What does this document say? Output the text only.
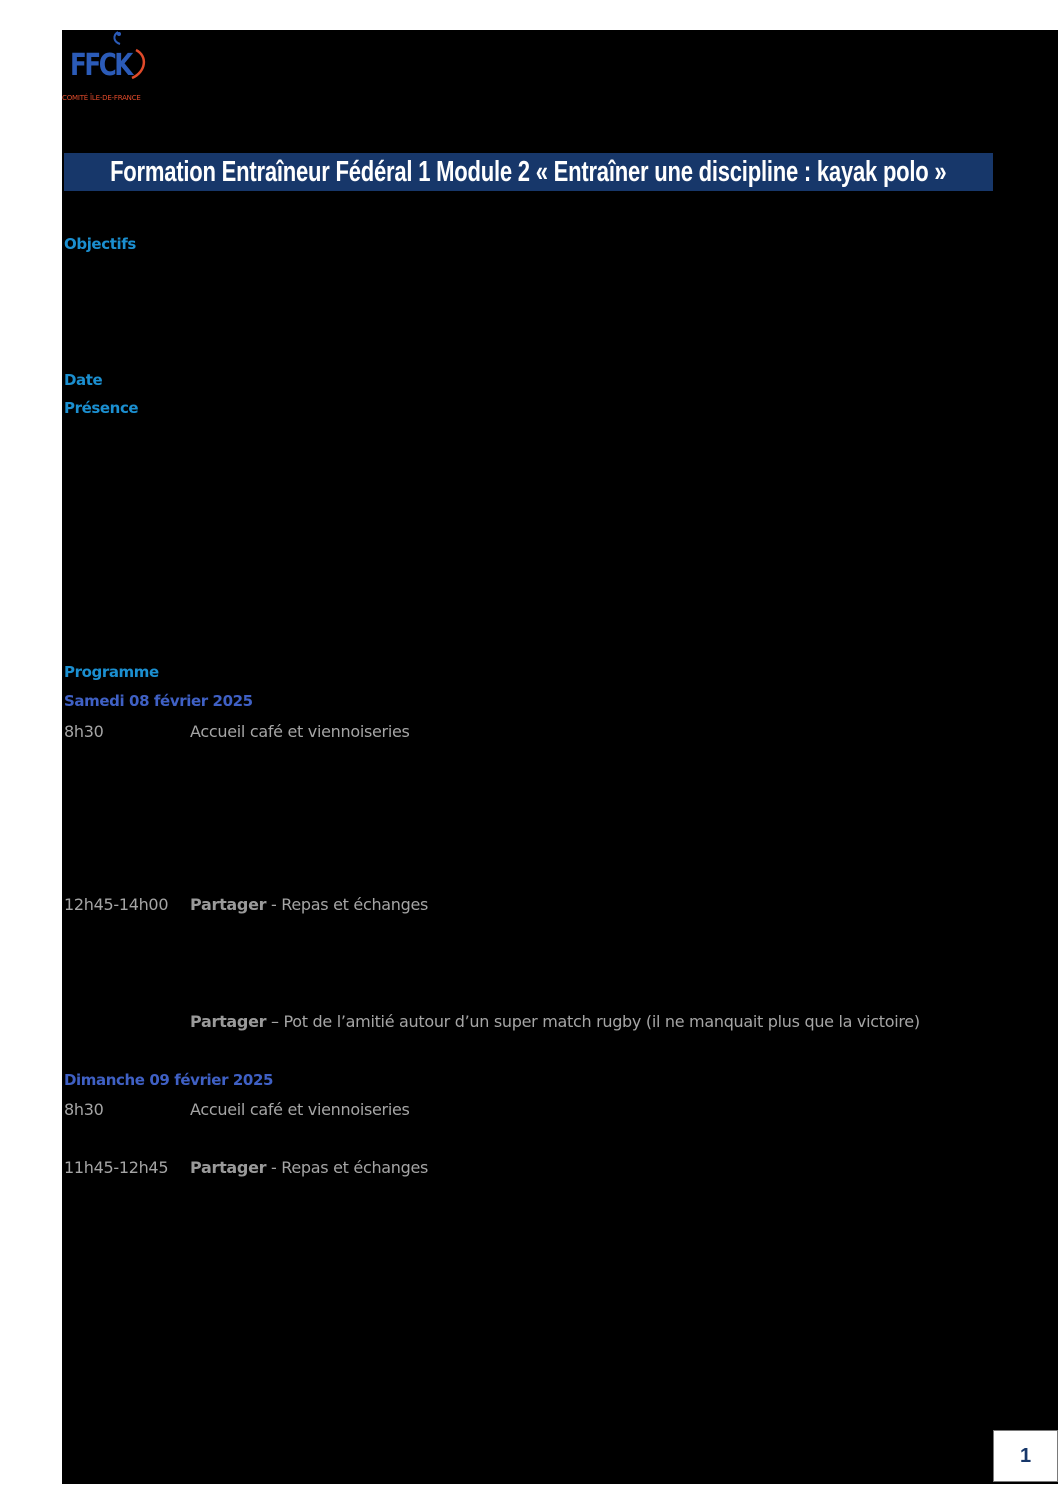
FFCK
COMITÉ ÎLE-DE-FRANCE
Formation Entraîneur Fédéral 1 Module 2 « Entraîner une discipline : kayak polo »
Objectifs
Date
Présence
Programme
Samedi 08 février 2025
8h30	Accueil café et viennoiseries
12h45-14h00 Partager - Repas et échanges
Partager – Pot de l’amitié autour d’un super match rugby (il ne manquait plus que la victoire)
Dimanche 09 février 2025
8h30	Accueil café et viennoiseries
11h45-12h45 Partager - Repas et échanges
1
